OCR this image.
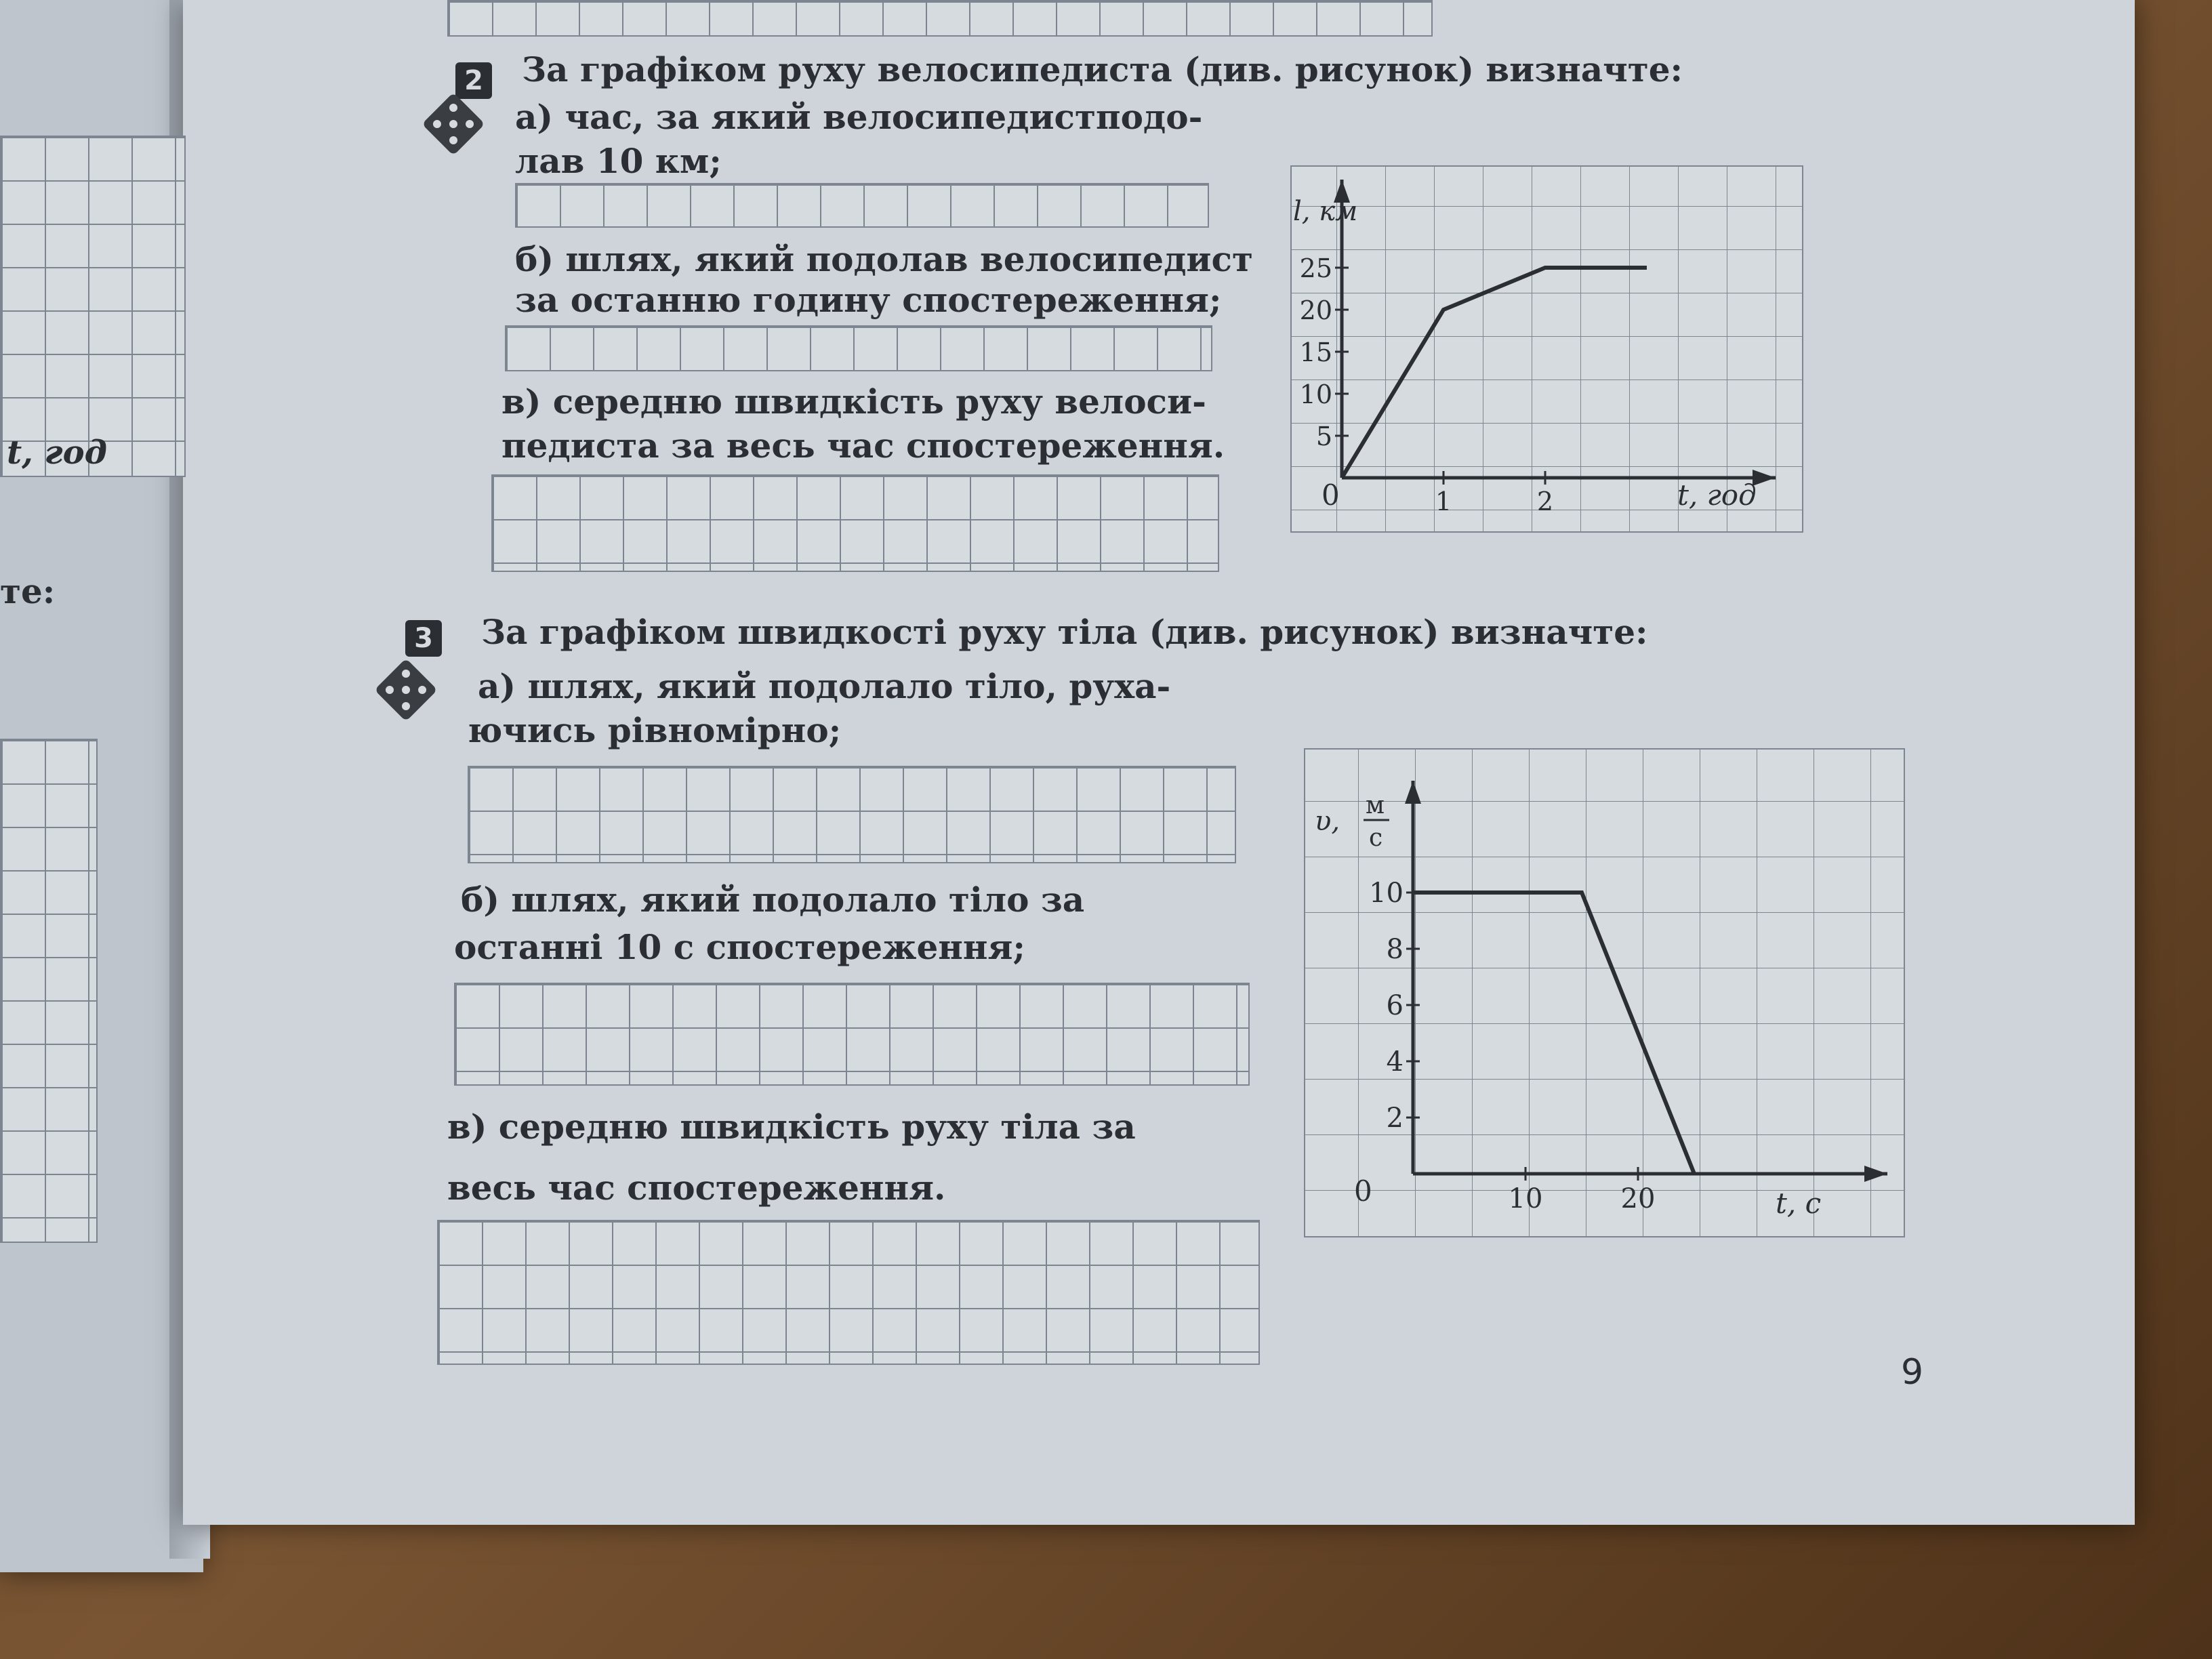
t, год
те:
2 За графіком руху велосипедиста (див. рисунок) визначте:
а) час, за який велосипедистподо-
лав 10 км;
б) шлях, який подолав велосипедист
за останню годину спостереження;
в) середню швидкість руху велоси-
педиста за весь час спостереження.	5
10
15
20
25
1	2
l, км
t, год
0
3 За графіком швидкості руху тіла (див. рисунок) визначте:
а) шлях, який подолало тіло, руха-
ючись рівномірно;
б) шлях, який подолало тіло за
останні 10 с спостереження;
в) середню швидкість руху тіла за
весь час спостереження.
2
4
6
8
10
10	20
υ,
м
с
t, с
0
9
